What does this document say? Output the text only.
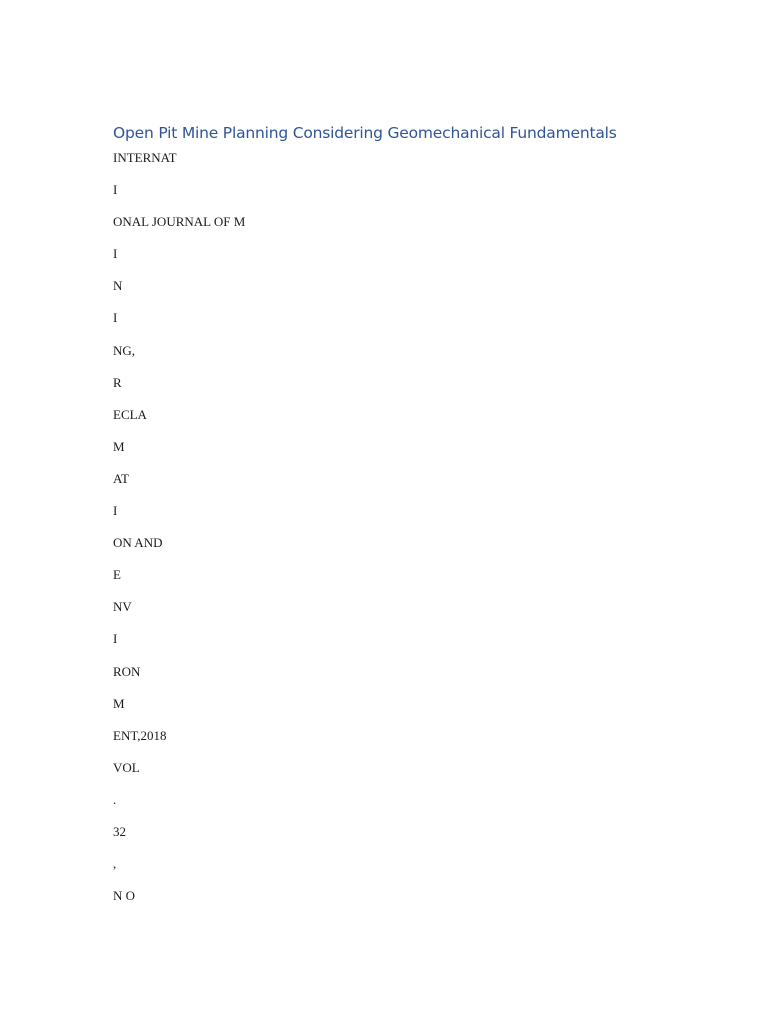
Open Pit Mine Planning Considering Geomechanical Fundamentals
INTERNAT
I
ONAL JOURNAL OF M
I
N
I
NG,
R
ECLA
M
AT
I
ON AND
E
NV
I
RON
M
ENT,2018
VOL
.
32
,
N O
